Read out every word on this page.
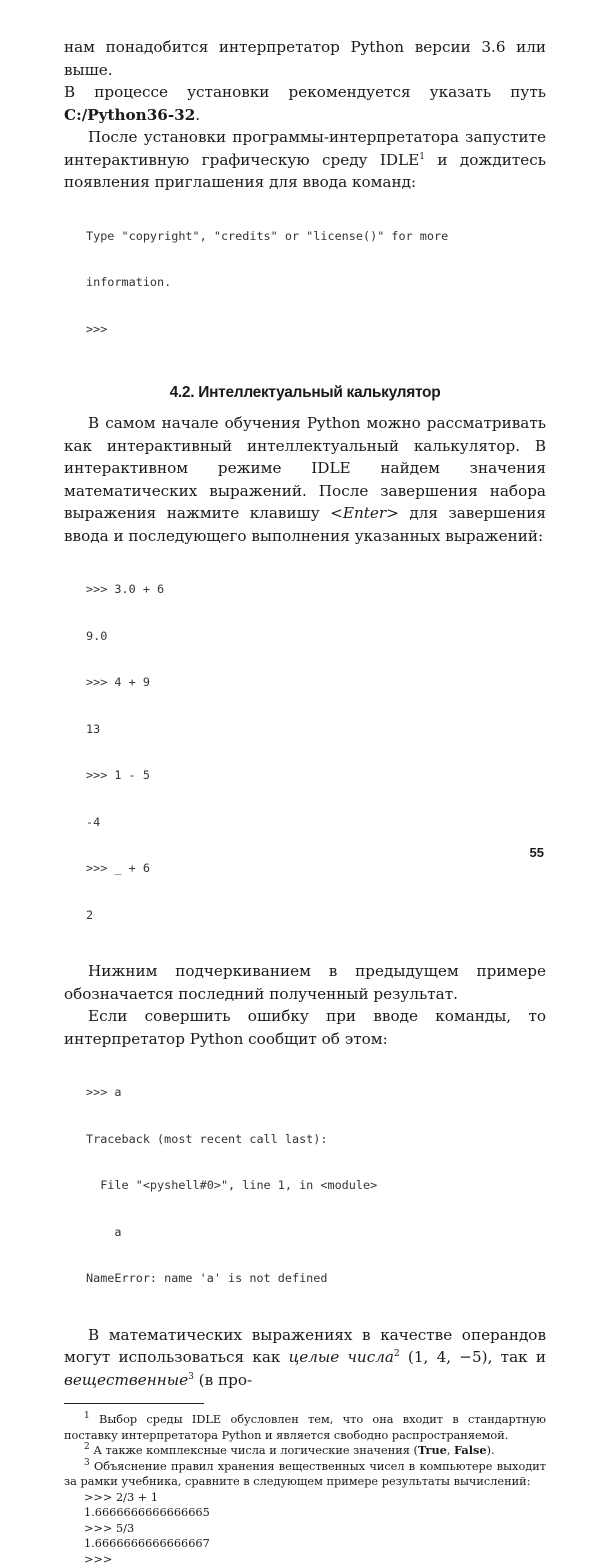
нам понадобится интерпретатор Python версии 3.6 или выше.
В процессе установки рекомендуется указать путь C:/Python36-32.

После установки программы-интерпретатора запустите интерактивную графическую среду IDLE$^1$ и дождитесь появления приглашения для ввода команд:

Type "copyright", "credits" or "license()" for more

information.

>>>

4.2. Интеллектуальный калькулятор

В самом начале обучения Python можно рассматривать как интерактивный интеллектуальный калькулятор. В интерактивном режиме IDLE найдем значения математических выражений. После завершения набора выражения нажмите клавишу <Enter> для завершения ввода и последующего выполнения указанных выражений:

>>> 3.0 + 6

9.0

>>> 4 + 9

13

>>> 1 - 5

-4

>>> _ + 6

2

Нижним подчеркиванием в предыдущем примере обозначается последний полученный результат.

Если совершить ошибку при вводе команды, то интерпретатор Python сообщит об этом:

>>> a

Traceback (most recent call last):

File "<pyshell#0>", line 1, in <module>

a

NameError: name 'a' is not defined

В математических выражениях в качестве операндов могут использоваться как целые числа$^2$ (1, 4, −5), так и вещественные$^3$ (в про-

$^1$ Выбор среды IDLE обусловлен тем, что она входит в стандартную поставку интерпретатора Python и является свободно распространяемой.

$^2$ А также комплексные числа и логические значения (True, False).

$^3$ Объяснение правил хранения вещественных чисел в компьютере выходит за рамки учебника, сравните в следующем примере результаты вычислений:

>>> 2/3 + 1

1.6666666666666665

>>> 5/3

1.6666666666666667

>>>

55
